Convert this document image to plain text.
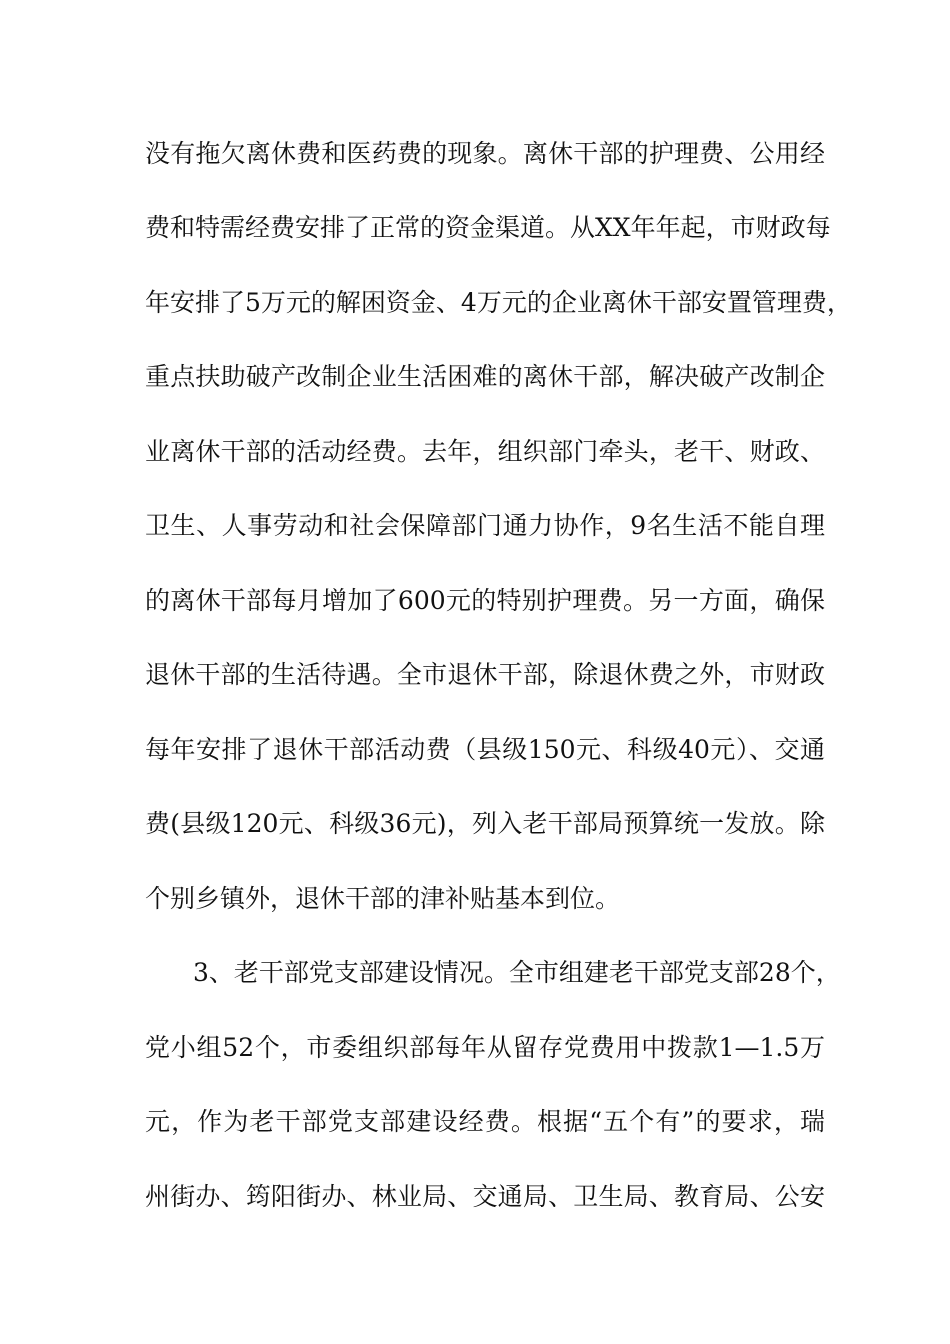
没有拖欠离休费和医药费的现象。离休干部的护理费、公用经

费和特需经费安排了正常的资金渠道。从XX年年起，市财政每

年安排了5万元的解困资金、4万元的企业离休干部安置管理费，

重点扶助破产改制企业生活困难的离休干部，解决破产改制企

业离休干部的活动经费。去年，组织部门牵头，老干、财政、

卫生、人事劳动和社会保障部门通力协作，9名生活不能自理

的离休干部每月增加了600元的特别护理费。另一方面，确保

退休干部的生活待遇。全市退休干部，除退休费之外，市财政

每年安排了退休干部活动费（县级150元、科级40元）、交通

费(县级120元、科级36元)，列入老干部局预算统一发放。除

个别乡镇外，退休干部的津补贴基本到位。

3、老干部党支部建设情况。全市组建老干部党支部28个，

党小组52个，市委组织部每年从留存党费用中拨款1—1.5万

元，作为老干部党支部建设经费。根据“五个有”的要求，瑞

州街办、筠阳街办、林业局、交通局、卫生局、教育局、公安
